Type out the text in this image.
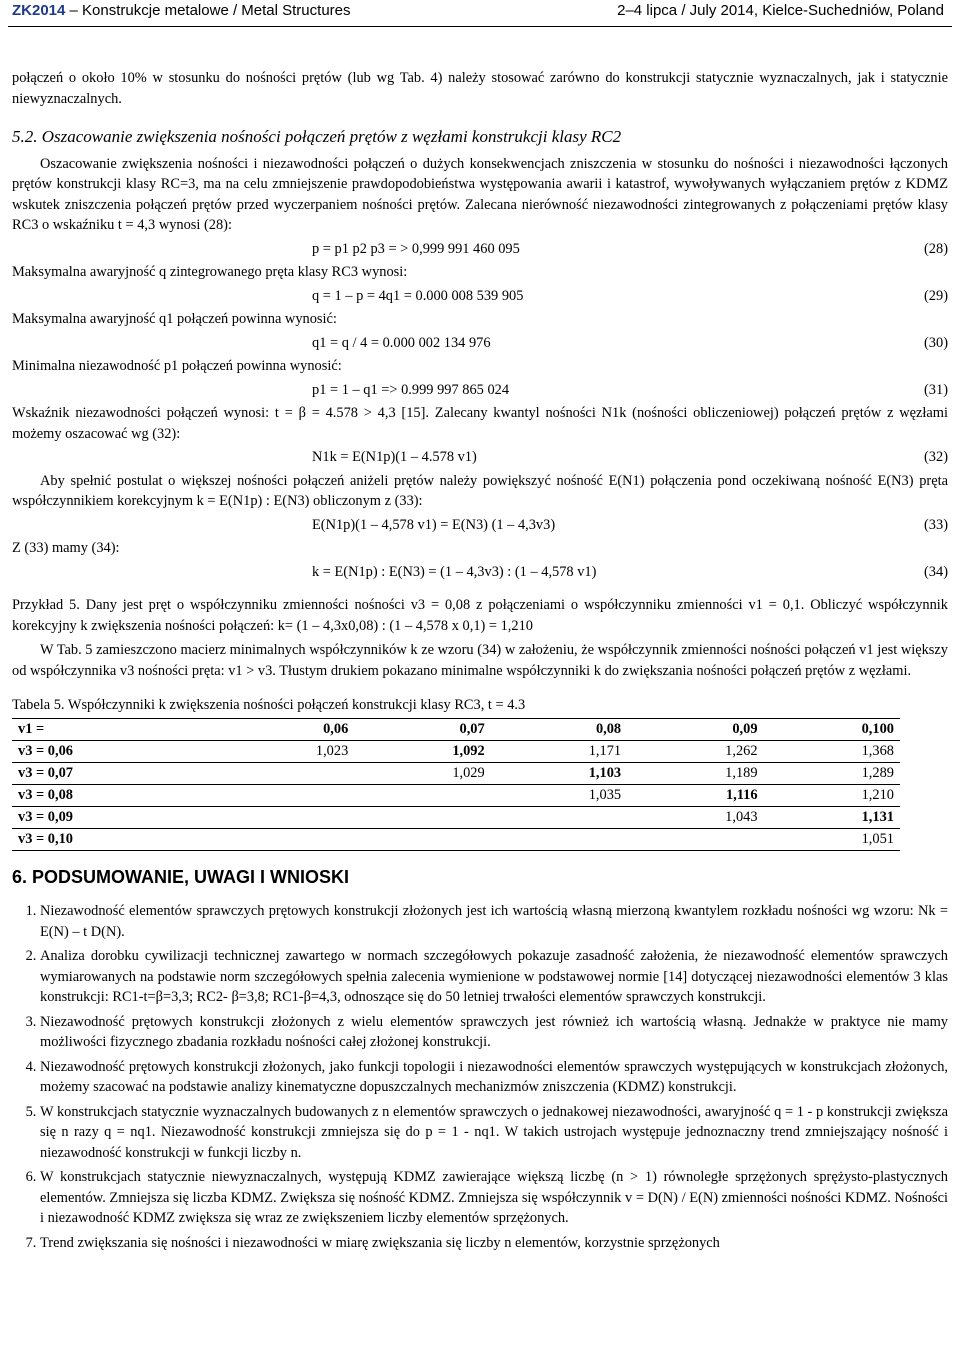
ZK2014 – Konstrukcje metalowe / Metal Structures	2–4 lipca / July 2014, Kielce-Suchedniów, Poland

połączeń o około 10% w stosunku do nośności prętów (lub wg Tab. 4) należy stosować zarówno do konstrukcji statycznie wyznaczalnych, jak i statycznie niewyznaczalnych.

5.2. Oszacowanie zwiększenia nośności połączeń prętów z węzłami konstrukcji klasy RC2

Oszacowanie zwiększenia nośności i niezawodności połączeń o dużych konsekwencjach zniszczenia w stosunku do nośności i niezawodności łączonych prętów konstrukcji klasy RC=3, ma na celu zmniejszenie prawdopodobieństwa występowania awarii i katastrof, wywoływanych wyłączaniem prętów z KDMZ wskutek zniszczenia połączeń prętów przed wyczerpaniem nośności prętów. Zalecana nierówność niezawodności zintegrowanych z połączeniami prętów klasy RC3 o wskaźniku t = 4,3 wynosi (28):

p = p1 p2 p3 = > 0,999 991 460 095	(28)

Maksymalna awaryjność q zintegrowanego pręta klasy RC3 wynosi:

q = 1 – p = 4q1 = 0.000 008 539 905	(29)

Maksymalna awaryjność q1 połączeń powinna wynosić:

q1 = q / 4 = 0.000 002 134 976	(30)

Minimalna niezawodność p1 połączeń powinna wynosić:

p1 = 1 – q1 => 0.999 997 865 024	(31)

Wskaźnik niezawodności połączeń wynosi: t = β = 4.578 > 4,3 [15]. Zalecany kwantyl nośności N1k (nośności obliczeniowej) połączeń prętów z węzłami możemy oszacować wg (32):

N1k = E(N1p)(1 – 4.578 v1)	(32)

Aby spełnić postulat o większej nośności połączeń aniżeli prętów należy powiększyć nośność E(N1) połączenia pond oczekiwaną nośność E(N3) pręta współczynnikiem korekcyjnym k = E(N1p) : E(N3) obliczonym z (33):

E(N1p)(1 – 4,578 v1) = E(N3) (1 – 4,3v3)	(33)

Z (33) mamy (34):

k = E(N1p) : E(N3) = (1 – 4,3v3) : (1 – 4,578 v1)	(34)

Przykład 5. Dany jest pręt o współczynniku zmienności nośności v3 = 0,08 z połączeniami o współczynniku zmienności v1 = 0,1. Obliczyć współczynnik korekcyjny k zwiększenia nośności połączeń: k= (1 – 4,3x0,08) : (1 – 4,578 x 0,1) = 1,210

W Tab. 5 zamieszczono macierz minimalnych współczynników k ze wzoru (34) w założeniu, że współczynnik zmienności nośności połączeń v1 jest większy od współczynnika v3 nośności pręta: v1 > v3. Tłustym drukiem pokazano minimalne współczynniki k do zwiększania nośności połączeń prętów z węzłami.

Tabela 5. Współczynniki k zwiększenia nośności połączeń konstrukcji klasy RC3, t = 4.3
v1 =	0,06	0,07	0,08	0,09	0,100
v3 = 0,06	1,023	1,092	1,171	1,262	1,368
v3 = 0,07		1,029	1,103	1,189	1,289
v3 = 0,08			1,035	1,116	1,210
v3 = 0,09				1,043	1,131
v3 = 0,10					1,051
6. PODSUMOWANIE, UWAGI I WNIOSKI
1. Niezawodność elementów sprawczych prętowych konstrukcji złożonych jest ich wartością własną mierzoną kwantylem rozkładu nośności wg wzoru: Nk = E(N) – t D(N).
2. Analiza dorobku cywilizacji technicznej zawartego w normach szczegółowych pokazuje zasadność założenia, że niezawodność elementów sprawczych wymiarowanych na podstawie norm szczegółowych spełnia zalecenia wymienione w podstawowej normie [14] dotyczącej niezawodności elementów 3 klas konstrukcji: RC1-t=β=3,3; RC2- β=3,8; RC1-β=4,3, odnoszące się do 50 letniej trwałości elementów sprawczych konstrukcji.
3. Niezawodność prętowych konstrukcji złożonych z wielu elementów sprawczych jest również ich wartością własną. Jednakże w praktyce nie mamy możliwości fizycznego zbadania rozkładu nośności całej złożonej konstrukcji.
4. Niezawodność prętowych konstrukcji złożonych, jako funkcji topologii i niezawodności elementów sprawczych występujących w konstrukcjach złożonych, możemy szacować na podstawie analizy kinematyczne dopuszczalnych mechanizmów zniszczenia (KDMZ) konstrukcji.
5. W konstrukcjach statycznie wyznaczalnych budowanych z n elementów sprawczych o jednakowej niezawodności, awaryjność q = 1 - p konstrukcji zwiększa się n razy q = nq1. Niezawodność konstrukcji zmniejsza się do p = 1 - nq1. W takich ustrojach występuje jednoznaczny trend zmniejszający nośność i niezawodność konstrukcji w funkcji liczby n.
6. W konstrukcjach statycznie niewyznaczalnych, występują KDMZ zawierające większą liczbę (n > 1) równoległe sprzężonych sprężysto-plastycznych elementów. Zmniejsza się liczba KDMZ. Zwiększa się nośność KDMZ. Zmniejsza się współczynnik v = D(N) / E(N) zmienności nośności KDMZ. Nośności i niezawodność KDMZ zwiększa się wraz ze zwiększeniem liczby elementów sprzężonych.
7. Trend zwiększania się nośności i niezawodności w miarę zwiększania się liczby n elementów, korzystnie sprzężonych
